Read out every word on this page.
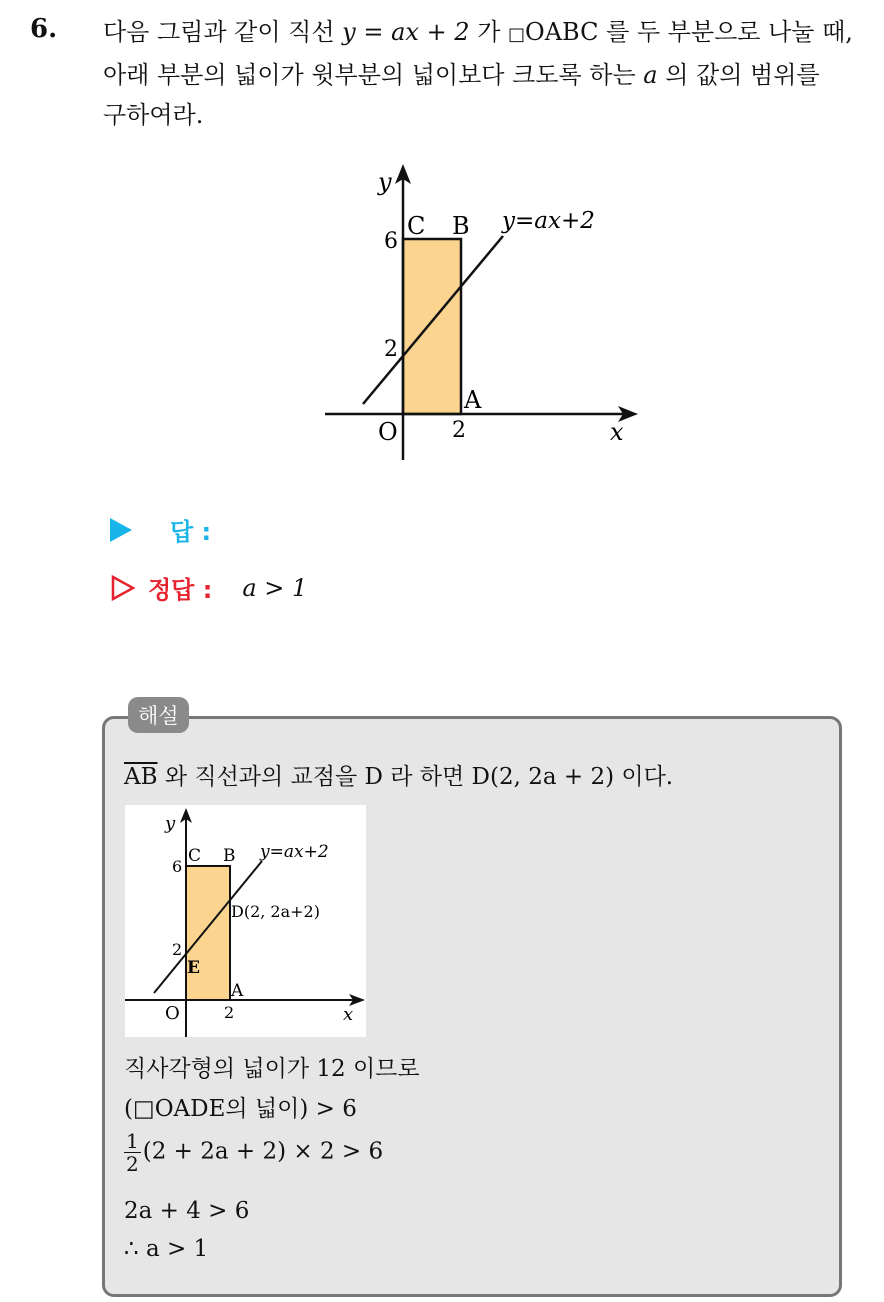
6. 다음 그림과 같이 직선 y = ax + 2 가 □OABC 를 두 부분으로 나눌 때,
아래 부분의 넓이가 윗부분의 넓이보다 크도록 하는 a 의 값의 범위를
구하여라.
y
x
O
C B
A
6
2
2
y=ax+2
답 :
정답 : a > 1
해설
$\overline{AB}$ 와 직선과의 교점을 D 라 하면 D(2, 2a + 2) 이다.
y
x
O
C B
A
E
D(2, 2a+2)
6
2
2
y=ax+2
직사각형의 넓이가 12 이므로
(□OADE의 넓이) > 6
$\frac{1}{2} (2 + 2a + 2) \times 2 > 6$
2a + 4 > 6
∴ a > 1
